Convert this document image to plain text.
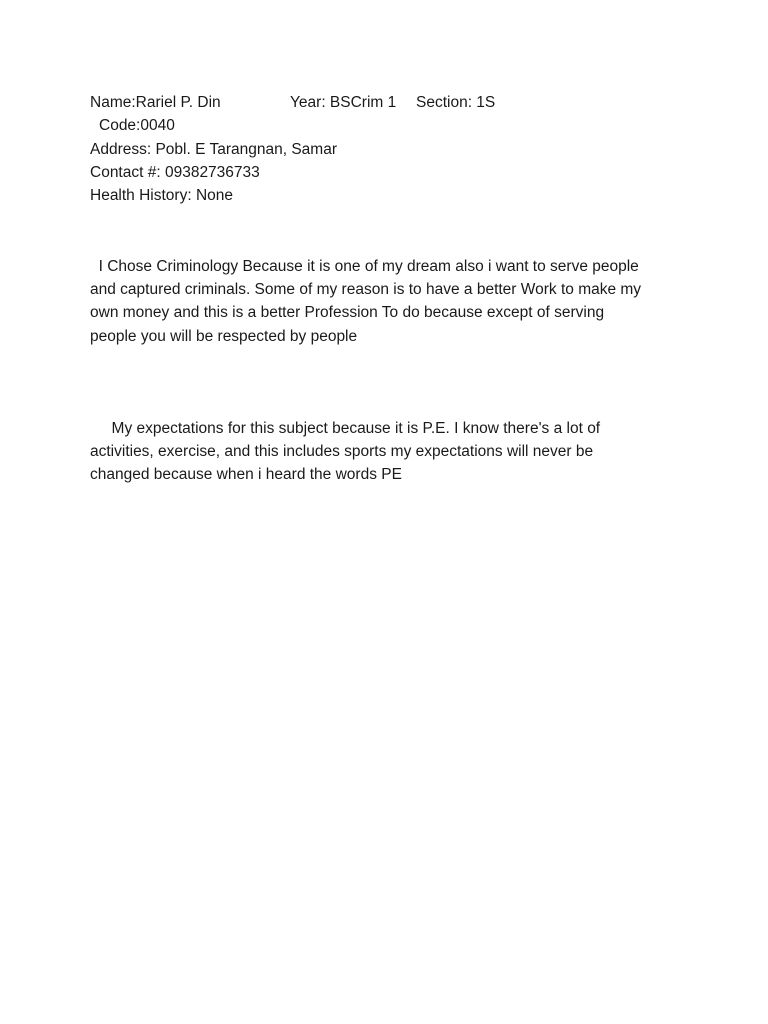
Name:Rariel P. Din	Year: BSCrim 1 Section: 1S
Code:0040
Address: Pobl. E Tarangnan, Samar
Contact #: 09382736733
Health History: None
I Chose Criminology Because it is one of my dream also i want to serve people
and captured criminals. Some of my reason is to have a better Work to make my
own money and this is a better Profession To do because except of serving
people you will be respected by people
My expectations for this subject because it is P.E. I know there's a lot of
activities, exercise, and this includes sports my expectations will never be
changed because when i heard the words PE
